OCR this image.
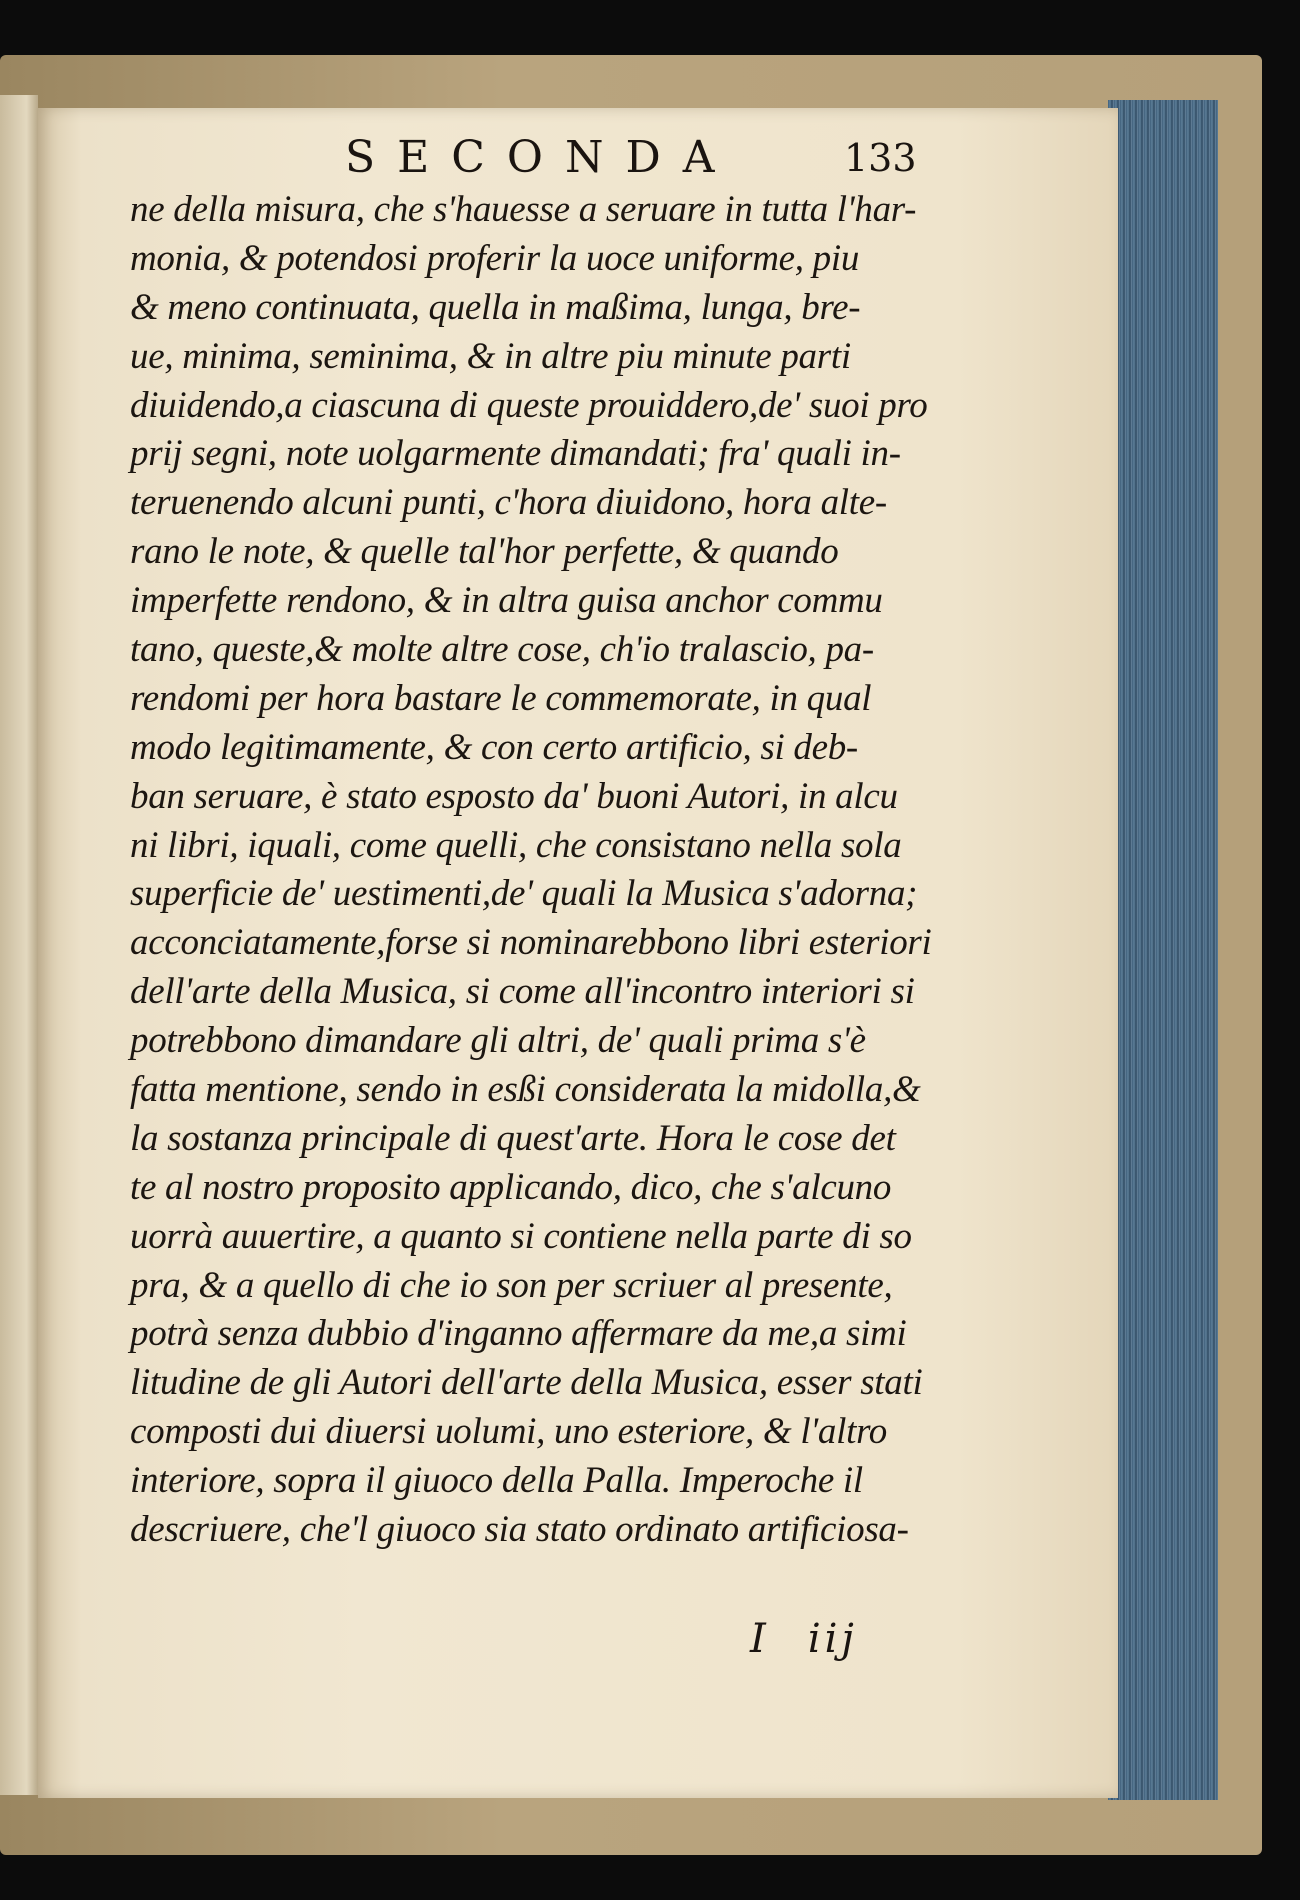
SECONDA	133
ne della misura, che s'hauesse a seruare in tutta l'har-
monia, & potendosi proferir la uoce uniforme, piu
& meno continuata, quella in maßima, lunga, bre-
ue, minima, seminima, & in altre piu minute parti
diuidendo,a ciascuna di queste prouiddero,de' suoi pro
prij segni, note uolgarmente dimandati; fra' quali in-
teruenendo alcuni punti, c'hora diuidono, hora alte-
rano le note, & quelle tal'hor perfette, & quando
imperfette rendono, & in altra guisa anchor commu
tano, queste,& molte altre cose, ch'io tralascio, pa-
rendomi per hora bastare le commemorate, in qual
modo legitimamente, & con certo artificio, si deb-
ban seruare, è stato esposto da' buoni Autori, in alcu
ni libri, iquali, come quelli, che consistano nella sola
superficie de' uestimenti,de' quali la Musica s'adorna;
acconciatamente,forse si nominarebbono libri esteriori
dell'arte della Musica, si come all'incontro interiori si
potrebbono dimandare gli altri, de' quali prima s'è
fatta mentione, sendo in esßi considerata la midolla,&
la sostanza principale di quest'arte. Hora le cose det
te al nostro proposito applicando, dico, che s'alcuno
uorrà auuertire, a quanto si contiene nella parte di so
pra, & a quello di che io son per scriuer al presente,
potrà senza dubbio d'inganno affermare da me,a simi
litudine de gli Autori dell'arte della Musica, esser stati
composti dui diuersi uolumi, uno esteriore, & l'altro
interiore, sopra il giuoco della Palla. Imperoche il
descriuere, che'l giuoco sia stato ordinato artificiosa-
I iij
